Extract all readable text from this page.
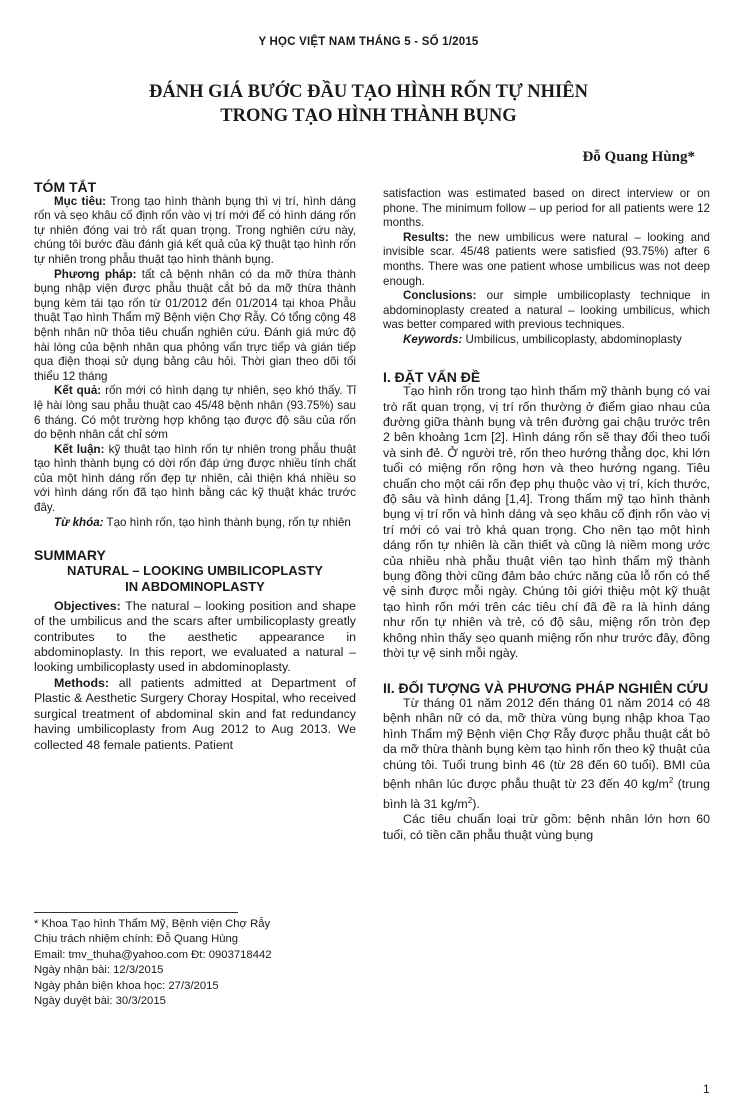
Y HỌC VIỆT NAM THÁNG 5 - SỐ 1/2015
ĐÁNH GIÁ BƯỚC ĐẦU TẠO HÌNH RỐN TỰ NHIÊN
TRONG TẠO HÌNH THÀNH BỤNG
Đỗ Quang Hùng*

TÓM TẮT

Mục tiêu: Trong tạo hình thành bụng thì vị trí, hình dáng rốn và sẹo khâu cố định rốn vào vị trí mới để có hình dáng rốn tự nhiên đóng vai trò rất quan trọng. Trong nghiên cứu này, chúng tôi bước đầu đánh giá kết quả của kỹ thuật tạo hình rốn tự nhiên trong phẫu thuật tạo hình thành bụng.

Phương pháp: tất cả bệnh nhân có da mỡ thừa thành bụng nhập viện được phẫu thuật cắt bỏ da mỡ thừa thành bụng kèm tái tạo rốn từ 01/2012 đến 01/2014 tại khoa Phẫu thuật Tạo hình Thẩm mỹ Bệnh viện Chợ Rẫy. Có tổng cộng 48 bệnh nhân nữ thỏa tiêu chuẩn nghiên cứu. Đánh giá mức độ hài lòng của bệnh nhân qua phỏng vấn trực tiếp và gián tiếp qua điện thoại sử dụng bảng câu hỏi. Thời gian theo dõi tối thiểu 12 tháng

Kết quả: rốn mới có hình dạng tự nhiên, sẹo khó thấy. Tỉ lệ hài lòng sau phẫu thuật cao 45/48 bệnh nhân (93.75%) sau 6 tháng. Có một trường hợp không tạo được độ sâu của rốn do bệnh nhân cắt chỉ sớm

Kết luận: kỹ thuật tạo hình rốn tự nhiên trong phẫu thuật tạo hình thành bụng có dời rốn đáp ứng được nhiều tính chất của một hình dáng rốn đẹp tự nhiên, cải thiện khá nhiều so với hình dáng rốn đã tạo hình bằng các kỹ thuật khác trước đây.

Từ khóa: Tạo hình rốn, tạo hình thành bụng, rốn tự nhiên

SUMMARY

NATURAL – LOOKING UMBILICOPLASTY

IN ABDOMINOPLASTY

Objectives: The natural – looking position and shape of the umbilicus and the scars after umbilicoplasty greatly contributes to the aesthetic appearance in abdominoplasty. In this report, we evaluated a natural – looking umbilicoplasty used in abdominoplasty.

Methods: all patients admitted at Department of Plastic & Aesthetic Surgery Choray Hospital, who received surgical treatment of abdominal skin and fat redundancy having umbilicoplasty from Aug 2012 to Aug 2013. We collected 48 female patients. Patient

* Khoa Tạo hình Thẩm Mỹ, Bệnh viện Chợ Rẫy

Chịu trách nhiệm chính: Đỗ Quang Hùng

Email: tmv_thuha@yahoo.com Đt: 0903718442

Ngày nhận bài: 12/3/2015

Ngày phản biện khoa học: 27/3/2015

Ngày duyệt bài: 30/3/2015

satisfaction was estimated based on direct interview or on phone. The minimum follow – up period for all patients were 12 months.

Results: the new umbilicus were natural – looking and invisible scar. 45/48 patients were satisfied (93.75%) after 6 months. There was one patient whose umbilicus was not deep enough.

Conclusions: our simple umbilicoplasty technique in abdominoplasty created a natural – looking umbilicus, which was better compared with previous techniques.

Keywords: Umbilicus, umbilicoplasty, abdominoplasty

I. ĐẶT VẤN ĐỀ

Tạo hình rốn trong tạo hình thẩm mỹ thành bụng có vai trò rất quan trọng, vị trí rốn thường ở điểm giao nhau của đường giữa thành bụng và trên đường gai chậu trước trên 2 bên khoảng 1cm [2]. Hình dáng rốn sẽ thay đổi theo tuổi và sinh đẻ. Ở người trẻ, rốn theo hướng thẳng dọc, khi lớn tuổi có miệng rốn rộng hơn và theo hướng ngang. Tiêu chuẩn cho một cái rốn đẹp phụ thuộc vào vị trí, kích thước, độ sâu và hình dáng [1,4]. Trong thẩm mỹ tạo hình thành bụng vị trí rốn và hình dáng và sẹo khâu cố định rốn vào vị trí mới có vai trò khá quan trọng. Cho nên tạo một hình dáng rốn tự nhiên là cần thiết và cũng là niềm mong ước của nhiều nhà phẫu thuật viên tạo hình thẩm mỹ thành bụng đồng thời cũng đảm bảo chức năng của lỗ rốn có thể vệ sinh được mỗi ngày. Chúng tôi giới thiệu một kỹ thuật tạo hình rốn mới trên các tiêu chí đã đề ra là hình dáng như rốn tự nhiên và trẻ, có độ sâu, miệng rốn tròn đẹp không nhìn thấy sẹo quanh miệng rốn như trước đây, đồng thời tự vệ sinh mỗi ngày.

II. ĐỐI TƯỢNG VÀ PHƯƠNG PHÁP NGHIÊN CỨU

Từ tháng 01 năm 2012 đến tháng 01 năm 2014 có 48 bệnh nhân nữ có da, mỡ thừa vùng bụng nhập khoa Tạo hình Thẩm mỹ Bệnh viện Chợ Rẫy được phẫu thuật cắt bỏ da mỡ thừa thành bụng kèm tạo hình rốn theo kỹ thuật của chúng tôi. Tuổi trung bình 46 (từ 28 đến 60 tuổi). BMI của bệnh nhân lúc được phẫu thuật từ 23 đến 40 $kg/m^2$ (trung bình là 31 $kg/m^2$).

Các tiêu chuẩn loại trừ gồm: bệnh nhân lớn hơn 60 tuổi, có tiền căn phẫu thuật vùng bụng

1
